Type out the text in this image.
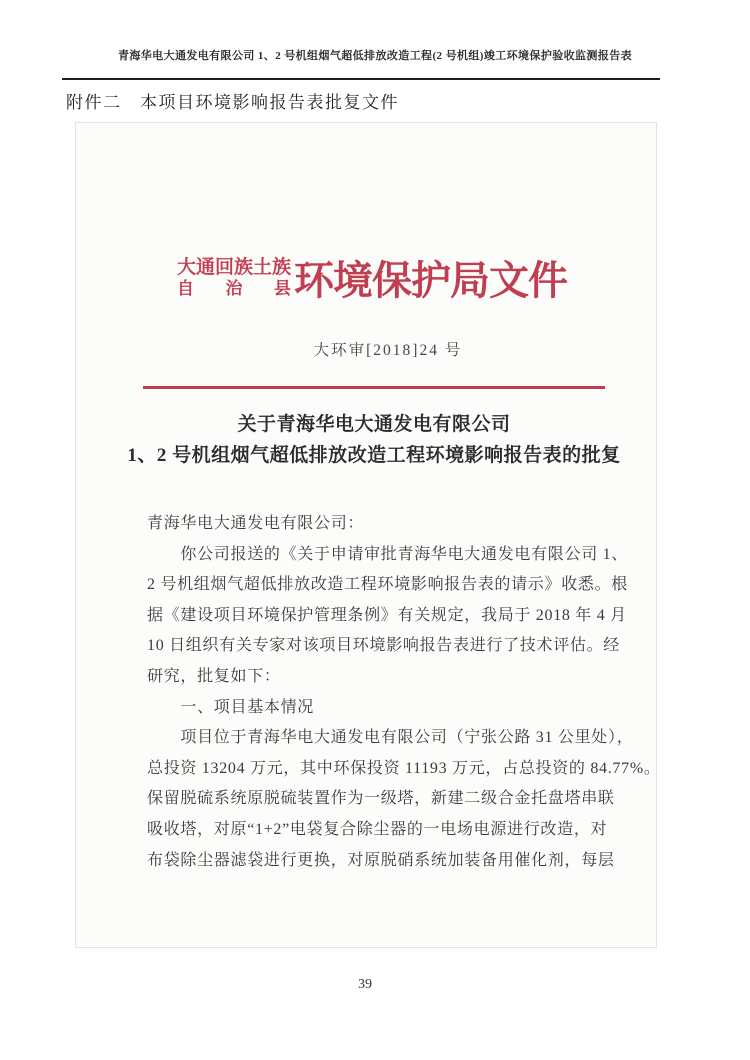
青海华电大通发电有限公司 1、2 号机组烟气超低排放改造工程(2 号机组)竣工环境保护验收监测报告表
附件二　本项目环境影响报告表批复文件
大通回族土族
自治县 环境保护局文件
大环审[2018]24 号
关于青海华电大通发电有限公司
1、2 号机组烟气超低排放改造工程环境影响报告表的批复
青海华电大通发电有限公司：
　　你公司报送的《关于申请审批青海华电大通发电有限公司 1、
2 号机组烟气超低排放改造工程环境影响报告表的请示》收悉。根
据《建设项目环境保护管理条例》有关规定，我局于 2018 年 4 月
10 日组织有关专家对该项目环境影响报告表进行了技术评估。经
研究，批复如下：
　　一、项目基本情况
　　项目位于青海华电大通发电有限公司（宁张公路 31 公里处），
总投资 13204 万元，其中环保投资 11193 万元，占总投资的 84.77%。
保留脱硫系统原脱硫装置作为一级塔，新建二级合金托盘塔串联
吸收塔，对原“1+2”电袋复合除尘器的一电场电源进行改造，对
布袋除尘器滤袋进行更换，对原脱硝系统加装备用催化剂，每层
39
